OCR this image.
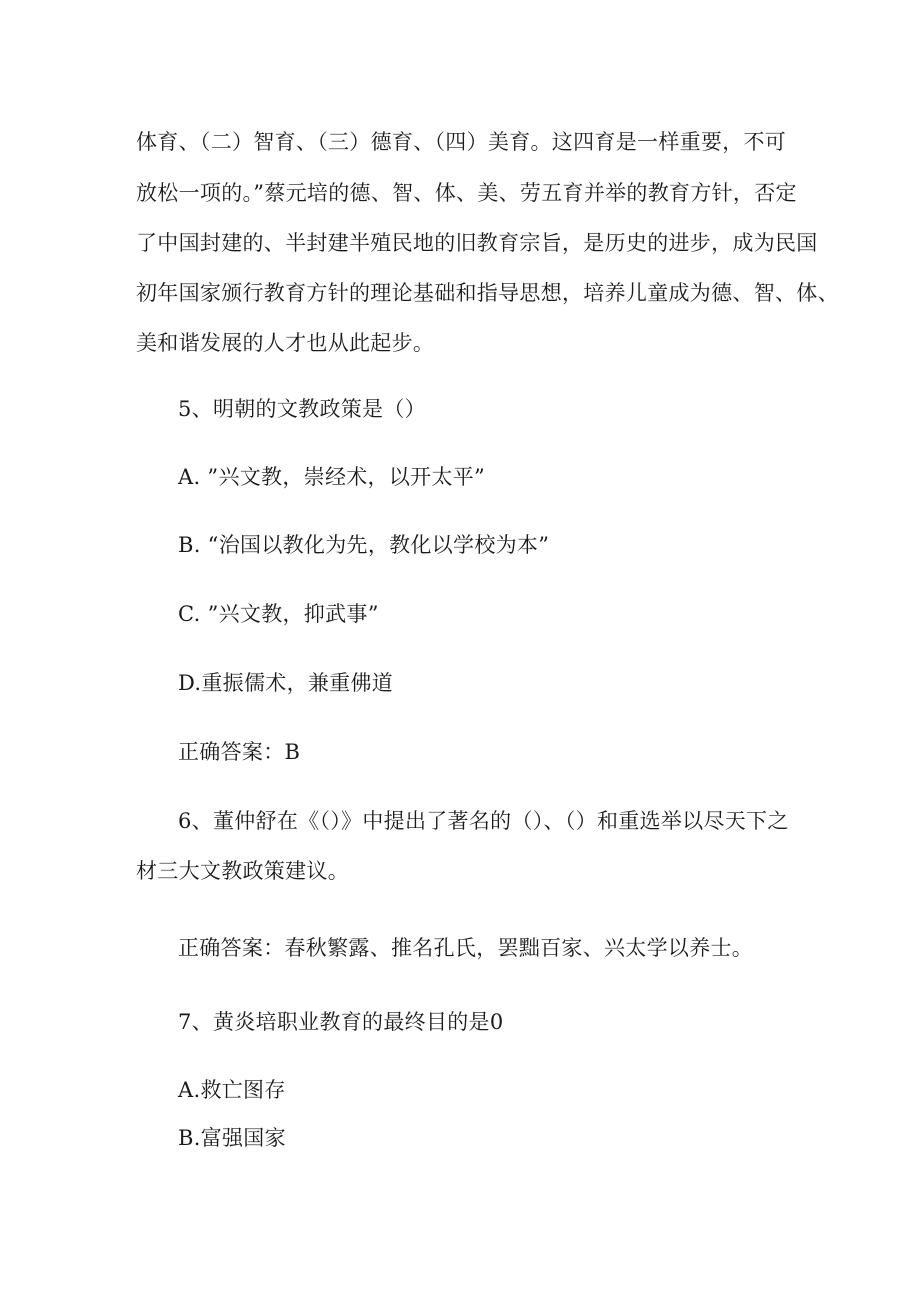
体育、（二）智育、（三）德育、（四）美育。这四育是一样重要，不可
放松一项的。”蔡元培的德、智、体、美、劳五育并举的教育方针，否定
了中国封建的、半封建半殖民地的旧教育宗旨，是历史的进步，成为民国
初年国家颁行教育方针的理论基础和指导思想，培养儿童成为德、智、体、
美和谐发展的人才也从此起步。
5、明朝的文教政策是（）
A. ”兴文教，崇经术，以开太平”
B. “治国以教化为先，教化以学校为本”
C. ”兴文教，抑武事”
D.重振儒术，兼重佛道
正确答案：B
6、董仲舒在《（）》中提出了著名的（）、（）和重选举以尽天下之
材三大文教政策建议。
正确答案：春秋繁露、推名孔氏，罢黜百家、兴太学以养士。
7、黄炎培职业教育的最终目的是0
A.救亡图存
B.富强国家
